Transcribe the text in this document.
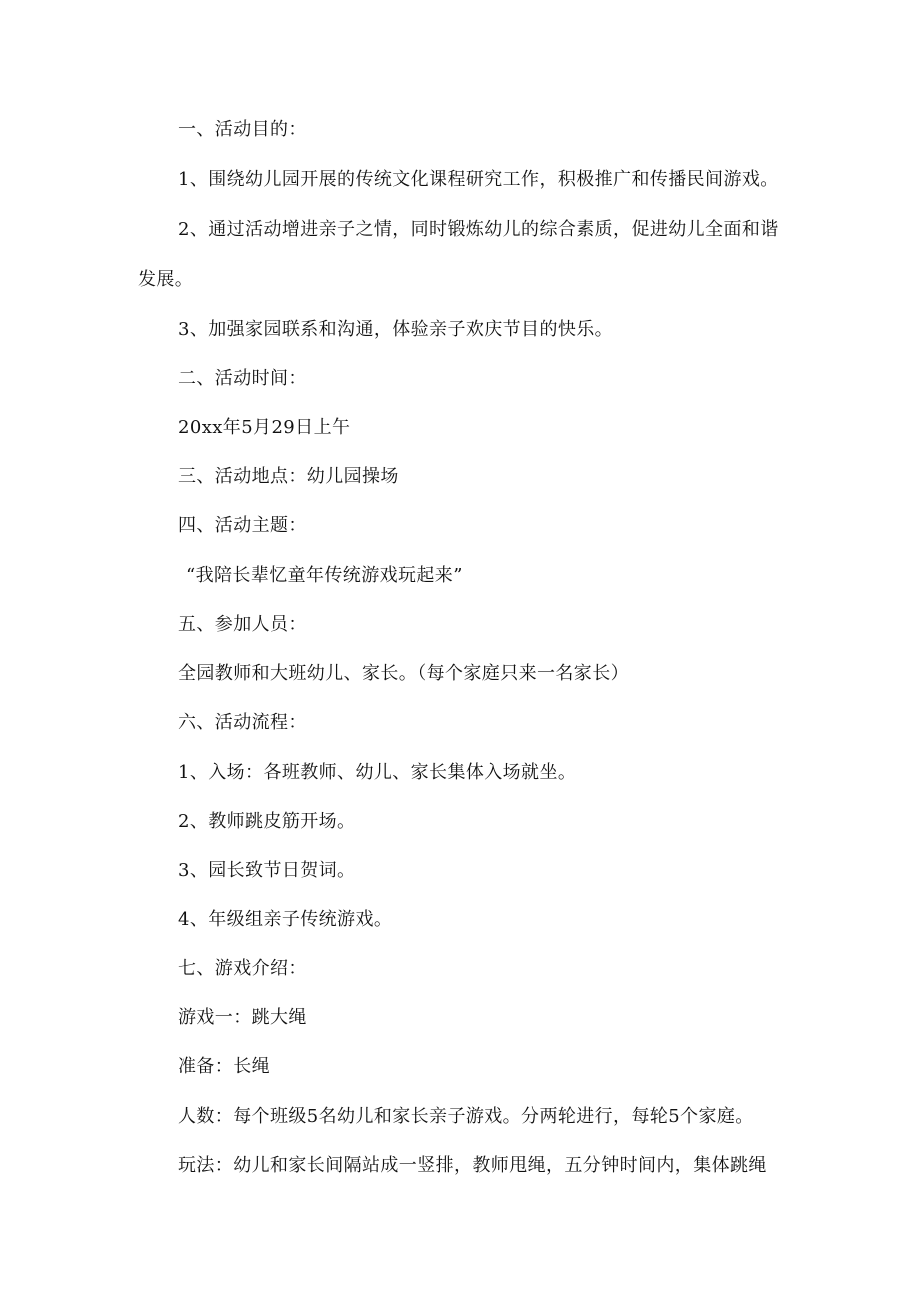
一、活动目的：
1、围绕幼儿园开展的传统文化课程研究工作，积极推广和传播民间游戏。
2、通过活动增进亲子之情，同时锻炼幼儿的综合素质，促进幼儿全面和谐
发展。
3、加强家园联系和沟通，体验亲子欢庆节目的快乐。
二、活动时间：
20xx年5月29日上午
三、活动地点：幼儿园操场
四、活动主题：
“我陪长辈忆童年传统游戏玩起来”
五、参加人员：
全园教师和大班幼儿、家长。（每个家庭只来一名家长）
六、活动流程：
1、入场：各班教师、幼儿、家长集体入场就坐。
2、教师跳皮筋开场。
3、园长致节日贺词。
4、年级组亲子传统游戏。
七、游戏介绍：
游戏一：跳大绳
准备：长绳
人数：每个班级5名幼儿和家长亲子游戏。分两轮进行，每轮5个家庭。
玩法：幼儿和家长间隔站成一竖排，教师甩绳，五分钟时间内，集体跳绳
